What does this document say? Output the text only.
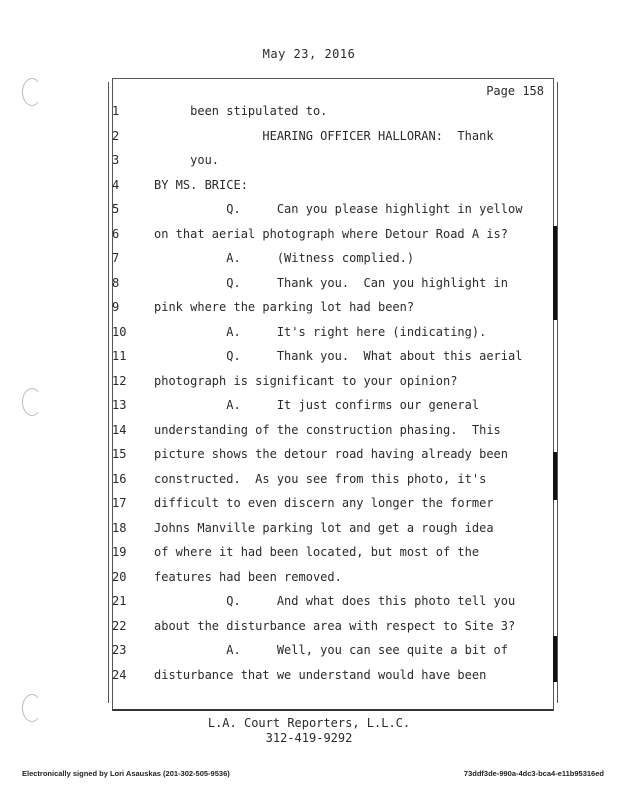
May 23, 2016
Page 158
1	been stipulated to.
2	HEARING OFFICER HALLORAN:  Thank
3	you.
4	BY MS. BRICE:
5	Q.     Can you please highlight in yellow
6	on that aerial photograph where Detour Road A is?
7	A.     (Witness complied.)
8	Q.     Thank you.  Can you highlight in
9	pink where the parking lot had been?
10	A.     It's right here (indicating).
11	Q.     Thank you.  What about this aerial
12	photograph is significant to your opinion?
13	A.     It just confirms our general
14	understanding of the construction phasing.  This
15	picture shows the detour road having already been
16	constructed.  As you see from this photo, it's
17	difficult to even discern any longer the former
18	Johns Manville parking lot and get a rough idea
19	of where it had been located, but most of the
20	features had been removed.
21	Q.     And what does this photo tell you
22	about the disturbance area with respect to Site 3?
23	A.     Well, you can see quite a bit of
24	disturbance that we understand would have been
L.A. Court Reporters, L.L.C.
312-419-9292
Electronically signed by Lori Asauskas (201-302-505-9536)	73ddf3de-990a-4dc3-bca4-e11b95316ed
